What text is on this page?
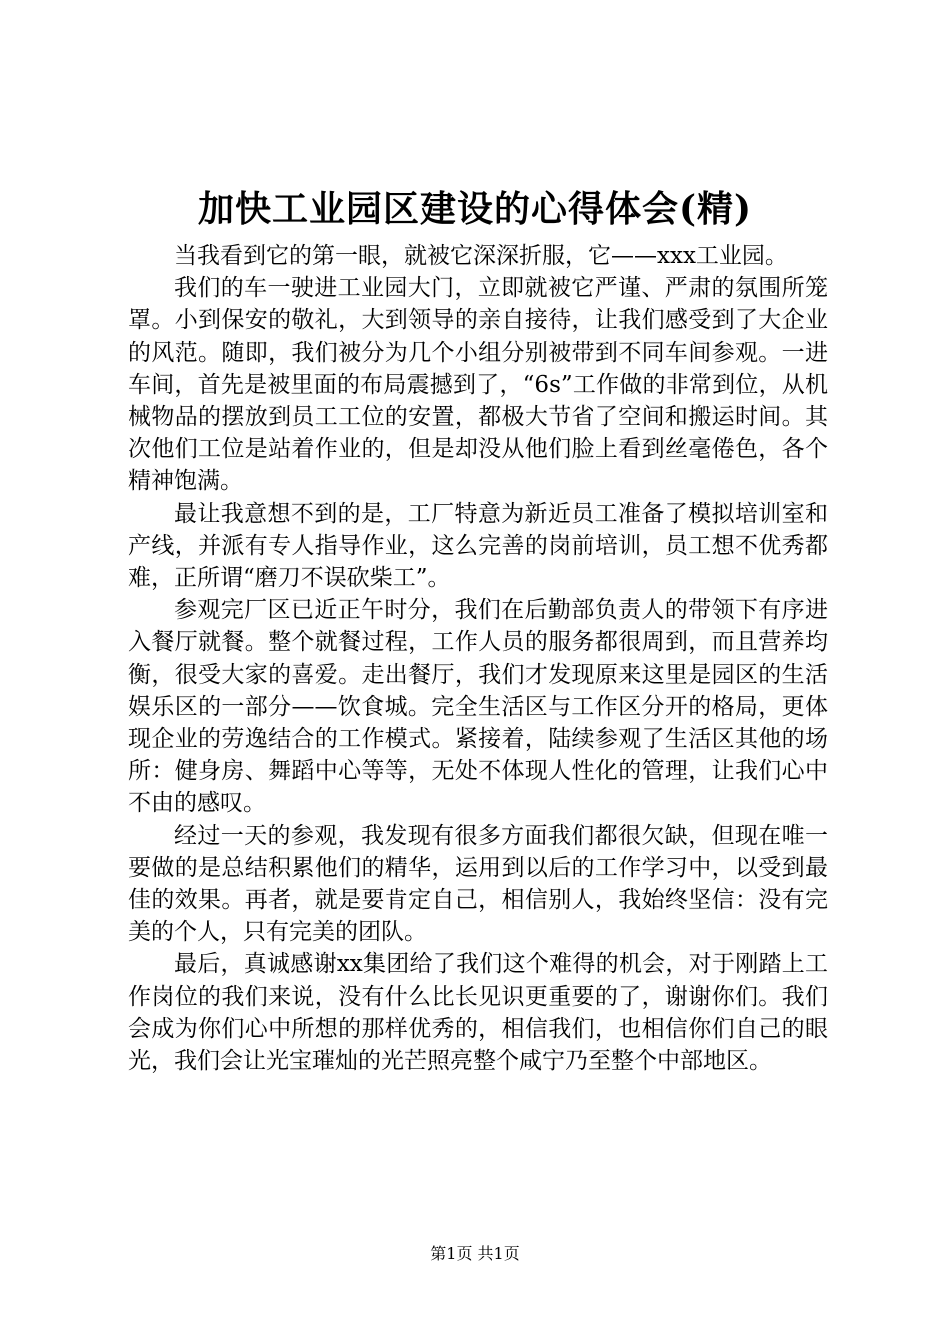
加快工业园区建设的心得体会(精)

当我看到它的第一眼，就被它深深折服，它——xxx工业园。

我们的车一驶进工业园大门，立即就被它严谨、严肃的氛围所笼罩。小到保安的敬礼，大到领导的亲自接待，让我们感受到了大企业的风范。随即，我们被分为几个小组分别被带到不同车间参观。一进车间，首先是被里面的布局震撼到了，“6s”工作做的非常到位，从机械物品的摆放到员工工位的安置，都极大节省了空间和搬运时间。其次他们工位是站着作业的，但是却没从他们脸上看到丝毫倦色，各个精神饱满。

最让我意想不到的是，工厂特意为新近员工准备了模拟培训室和产线，并派有专人指导作业，这么完善的岗前培训，员工想不优秀都难，正所谓“磨刀不误砍柴工”。

参观完厂区已近正午时分，我们在后勤部负责人的带领下有序进入餐厅就餐。整个就餐过程，工作人员的服务都很周到，而且营养均衡，很受大家的喜爱。走出餐厅，我们才发现原来这里是园区的生活娱乐区的一部分——饮食城。完全生活区与工作区分开的格局，更体现企业的劳逸结合的工作模式。紧接着，陆续参观了生活区其他的场所：健身房、舞蹈中心等等，无处不体现人性化的管理，让我们心中不由的感叹。

经过一天的参观，我发现有很多方面我们都很欠缺，但现在唯一要做的是总结积累他们的精华，运用到以后的工作学习中，以受到最佳的效果。再者，就是要肯定自己，相信别人，我始终坚信：没有完美的个人，只有完美的团队。

最后，真诚感谢xx集团给了我们这个难得的机会，对于刚踏上工作岗位的我们来说，没有什么比长见识更重要的了，谢谢你们。我们会成为你们心中所想的那样优秀的，相信我们，也相信你们自己的眼光，我们会让光宝璀灿的光芒照亮整个咸宁乃至整个中部地区。

第1页 共1页
